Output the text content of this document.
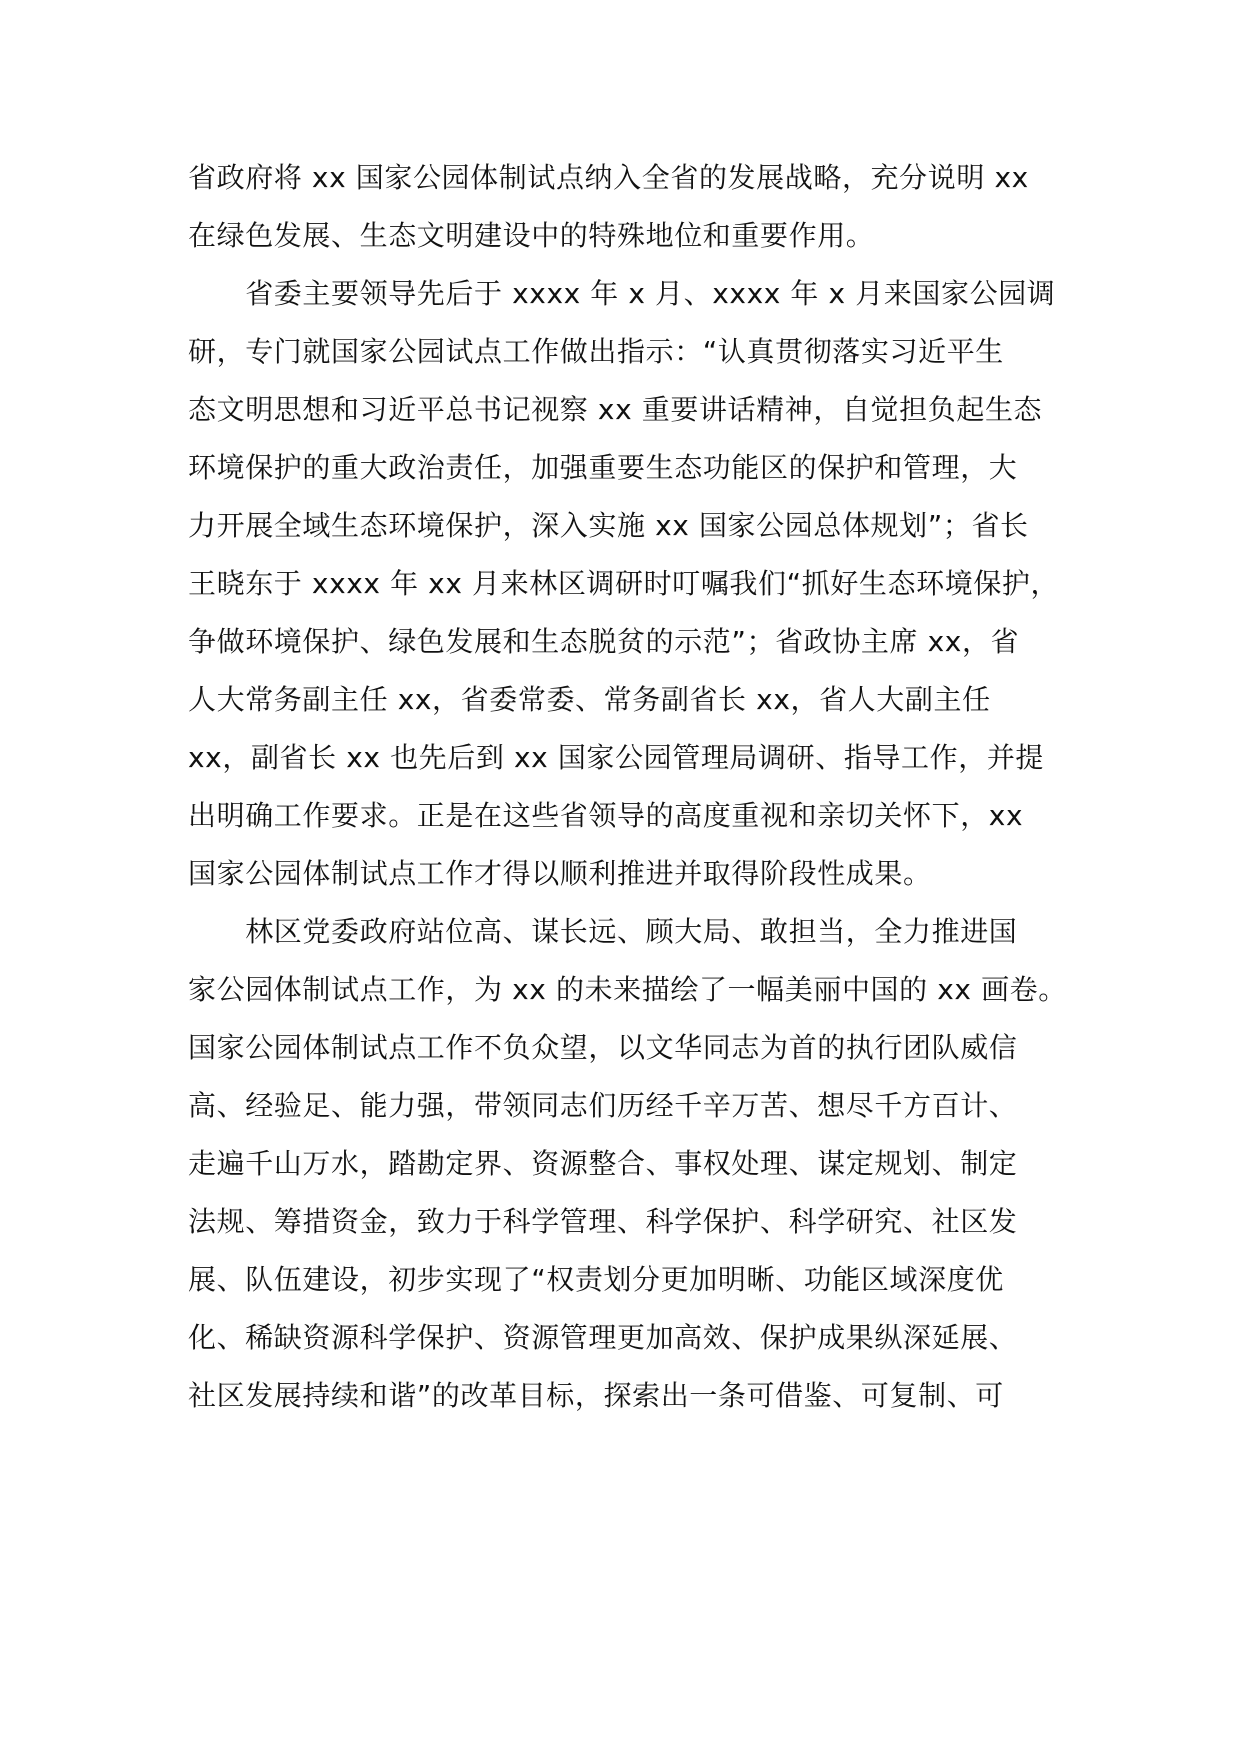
省政府将 xx 国家公园体制试点纳入全省的发展战略，充分说明 xx
在绿色发展、生态文明建设中的特殊地位和重要作用。
　　省委主要领导先后于 xxxx 年 x 月、xxxx 年 x 月来国家公园调
研，专门就国家公园试点工作做出指示：“认真贯彻落实习近平生
态文明思想和习近平总书记视察 xx 重要讲话精神，自觉担负起生态
环境保护的重大政治责任，加强重要生态功能区的保护和管理，大
力开展全域生态环境保护，深入实施 xx 国家公园总体规划”；省长
王晓东于 xxxx 年 xx 月来林区调研时叮嘱我们“抓好生态环境保护，
争做环境保护、绿色发展和生态脱贫的示范”；省政协主席 xx，省
人大常务副主任 xx，省委常委、常务副省长 xx，省人大副主任
xx，副省长 xx 也先后到 xx 国家公园管理局调研、指导工作，并提
出明确工作要求。正是在这些省领导的高度重视和亲切关怀下，xx
国家公园体制试点工作才得以顺利推进并取得阶段性成果。
　　林区党委政府站位高、谋长远、顾大局、敢担当，全力推进国
家公园体制试点工作，为 xx 的未来描绘了一幅美丽中国的 xx 画卷。
国家公园体制试点工作不负众望，以文华同志为首的执行团队威信
高、经验足、能力强，带领同志们历经千辛万苦、想尽千方百计、
走遍千山万水，踏勘定界、资源整合、事权处理、谋定规划、制定
法规、筹措资金，致力于科学管理、科学保护、科学研究、社区发
展、队伍建设，初步实现了“权责划分更加明晰、功能区域深度优
化、稀缺资源科学保护、资源管理更加高效、保护成果纵深延展、
社区发展持续和谐”的改革目标，探索出一条可借鉴、可复制、可
